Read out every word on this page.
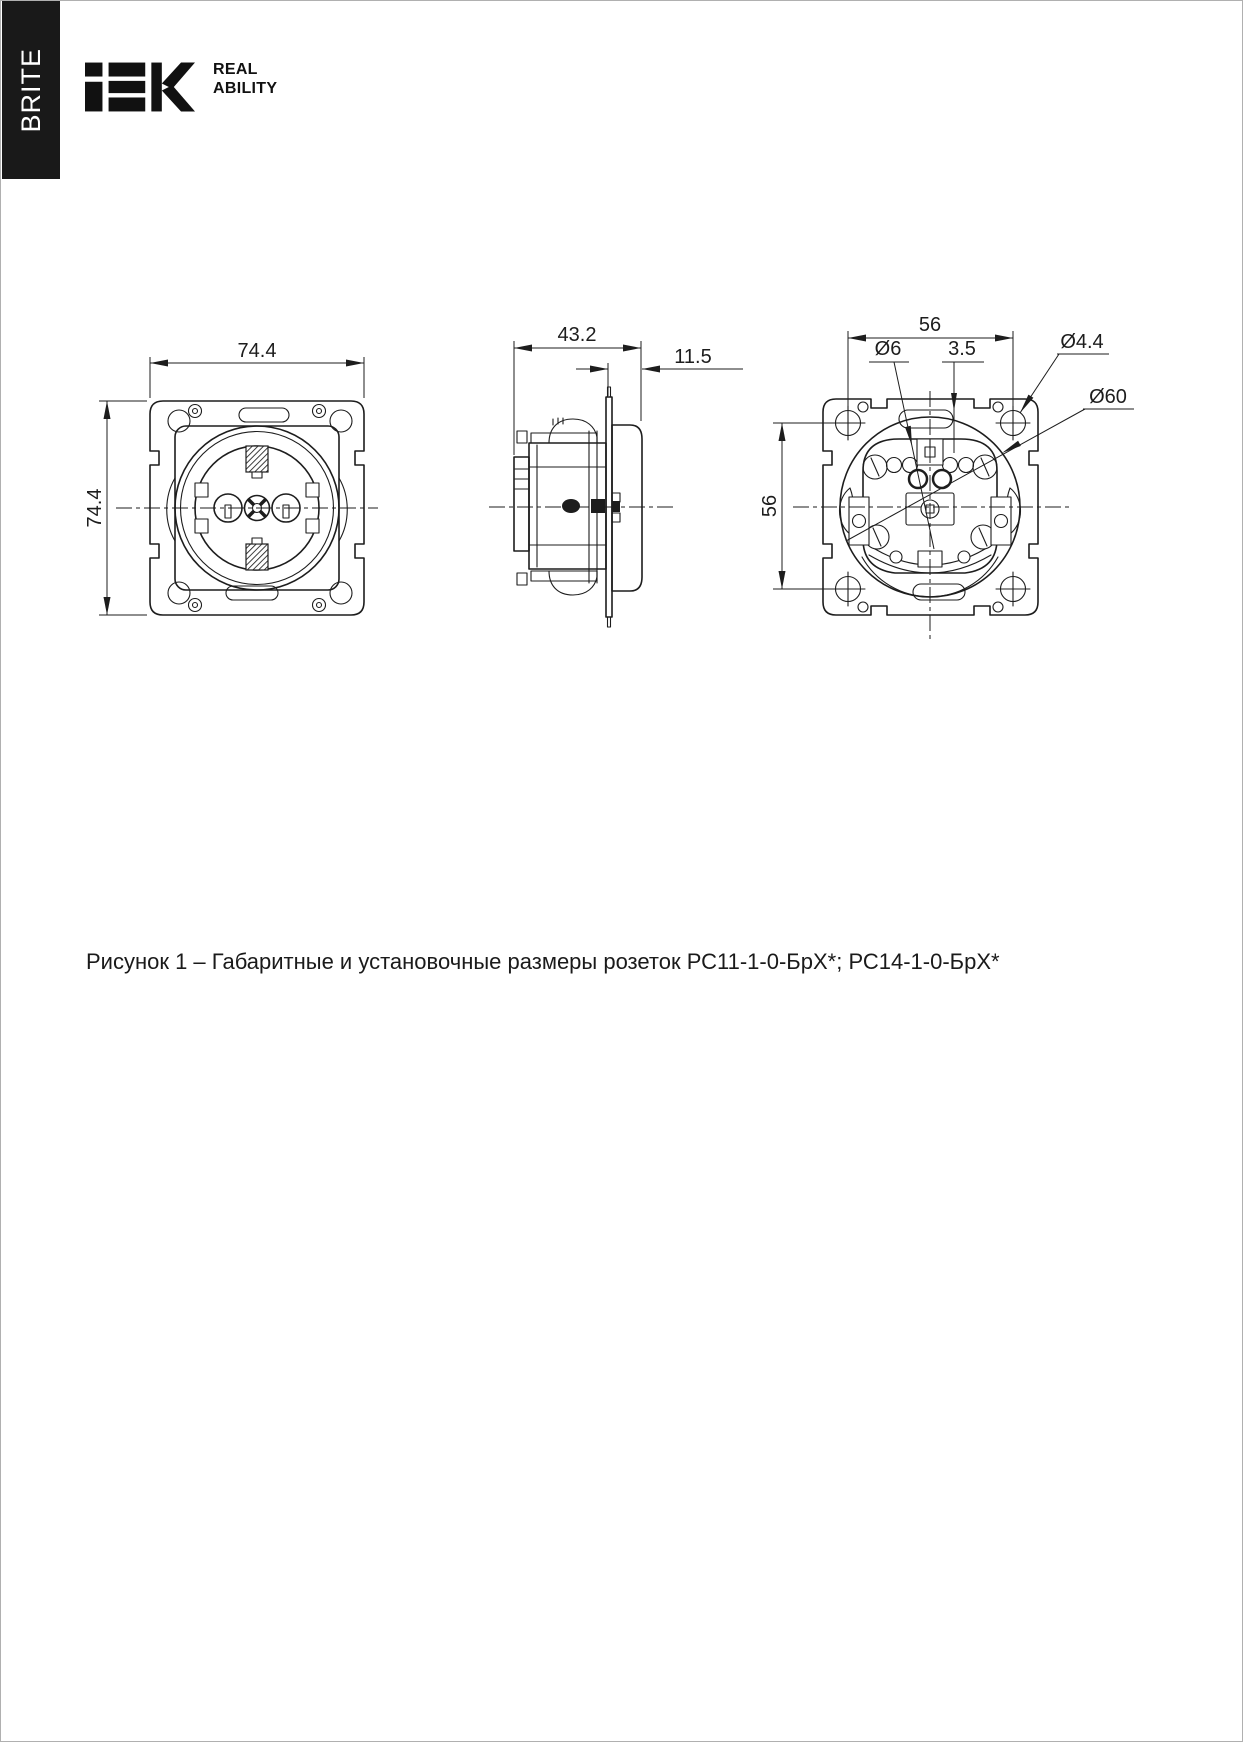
BRITE	REAL
ABILITY
74.4
74.4
43.2
11.5
56
56
Ø6 3.5	Ø4.4
Ø60
Рисунок 1 – Габаритные и установочные размеры розеток РС11-1-0-БрХ*; РС14-1-0-БрХ*
